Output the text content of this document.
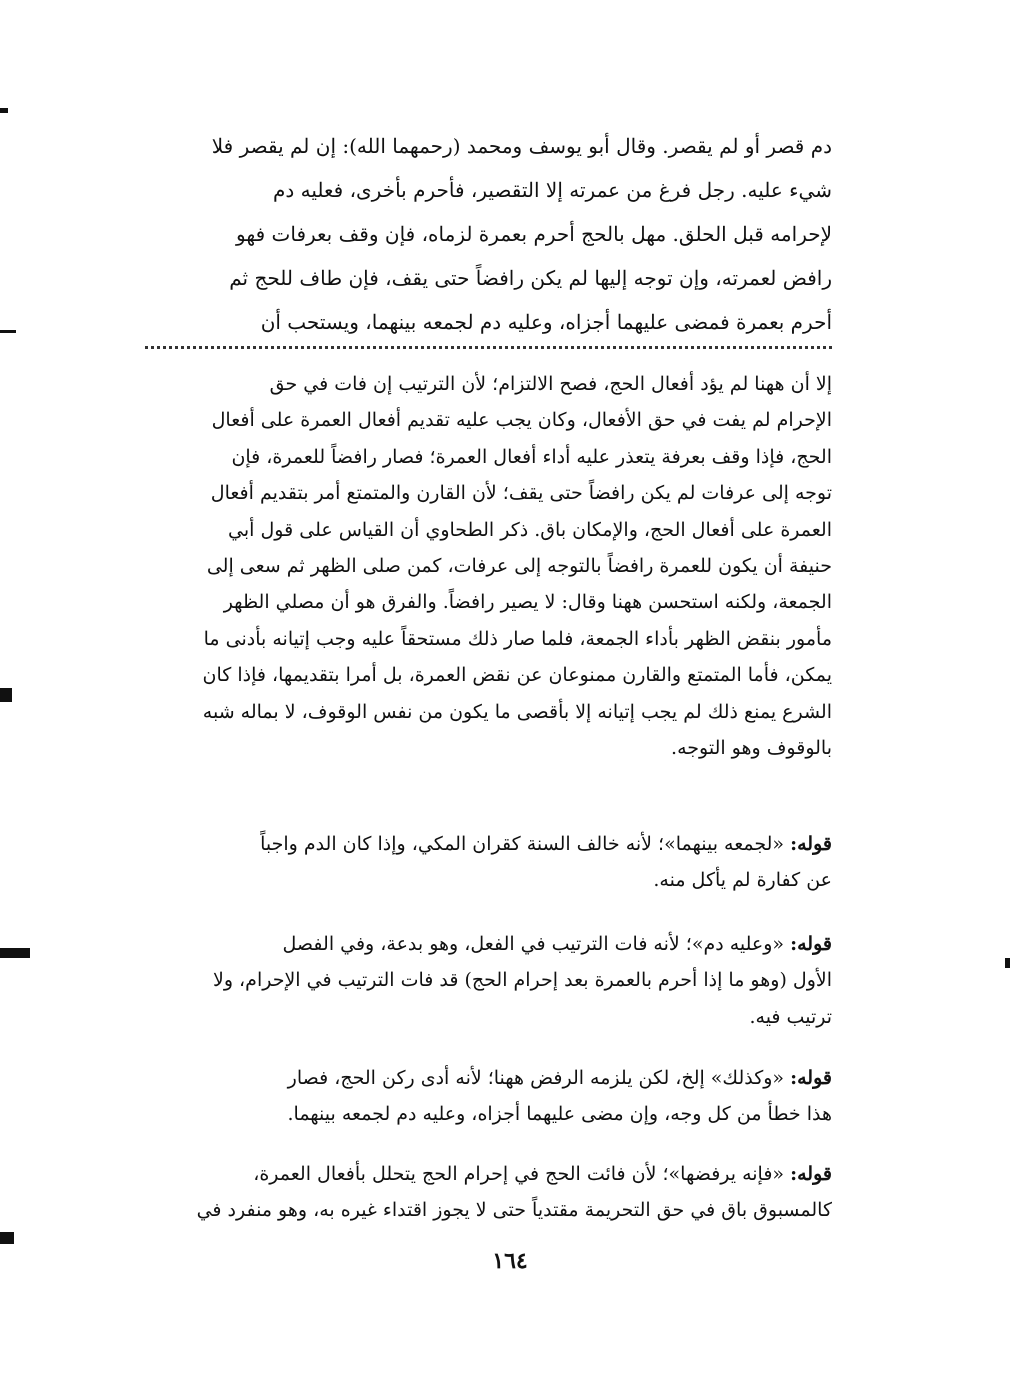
دم قصر أو لم يقصر. وقال أبو يوسف ومحمد (رحمهما الله): إن لم يقصر فلا
شيء عليه. رجل فرغ من عمرته إلا التقصير، فأحرم بأخرى، فعليه دم
لإحرامه قبل الحلق. مهل بالحج أحرم بعمرة لزماه، فإن وقف بعرفات فهو
رافض لعمرته، وإن توجه إليها لم يكن رافضاً حتى يقف، فإن طاف للحج ثم
أحرم بعمرة فمضى عليهما أجزاه، وعليه دم لجمعه بينهما، ويستحب أن
إلا أن ههنا لم يؤد أفعال الحج، فصح الالتزام؛ لأن الترتيب إن فات في حق
الإحرام لم يفت في حق الأفعال، وكان يجب عليه تقديم أفعال العمرة على أفعال
الحج، فإذا وقف بعرفة يتعذر عليه أداء أفعال العمرة؛ فصار رافضاً للعمرة، فإن
توجه إلى عرفات لم يكن رافضاً حتى يقف؛ لأن القارن والمتمتع أمر بتقديم أفعال
العمرة على أفعال الحج، والإمكان باق. ذكر الطحاوي أن القياس على قول أبي
حنيفة أن يكون للعمرة رافضاً بالتوجه إلى عرفات، كمن صلى الظهر ثم سعى إلى
الجمعة، ولكنه استحسن ههنا وقال: لا يصير رافضاً. والفرق هو أن مصلي الظهر
مأمور بنقض الظهر بأداء الجمعة، فلما صار ذلك مستحقاً عليه وجب إتيانه بأدنى ما
يمكن، فأما المتمتع والقارن ممنوعان عن نقض العمرة، بل أمرا بتقديمها، فإذا كان
الشرع يمنع ذلك لم يجب إتيانه إلا بأقصى ما يكون من نفس الوقوف، لا بماله شبه
بالوقوف وهو التوجه.
قوله: «لجمعه بينهما»؛ لأنه خالف السنة كقران المكي، وإذا كان الدم واجباً
عن كفارة لم يأكل منه.
قوله: «وعليه دم»؛ لأنه فات الترتيب في الفعل، وهو بدعة، وفي الفصل
الأول (وهو ما إذا أحرم بالعمرة بعد إحرام الحج) قد فات الترتيب في الإحرام، ولا
ترتيب فيه.
قوله: «وكذلك» إلخ، لكن يلزمه الرفض ههنا؛ لأنه أدى ركن الحج، فصار
هذا خطأ من كل وجه، وإن مضى عليهما أجزاه، وعليه دم لجمعه بينهما.
قوله: «فإنه يرفضها»؛ لأن فائت الحج في إحرام الحج يتحلل بأفعال العمرة،
كالمسبوق باق في حق التحريمة مقتدياً حتى لا يجوز اقتداء غيره به، وهو منفرد في
١٦٤
